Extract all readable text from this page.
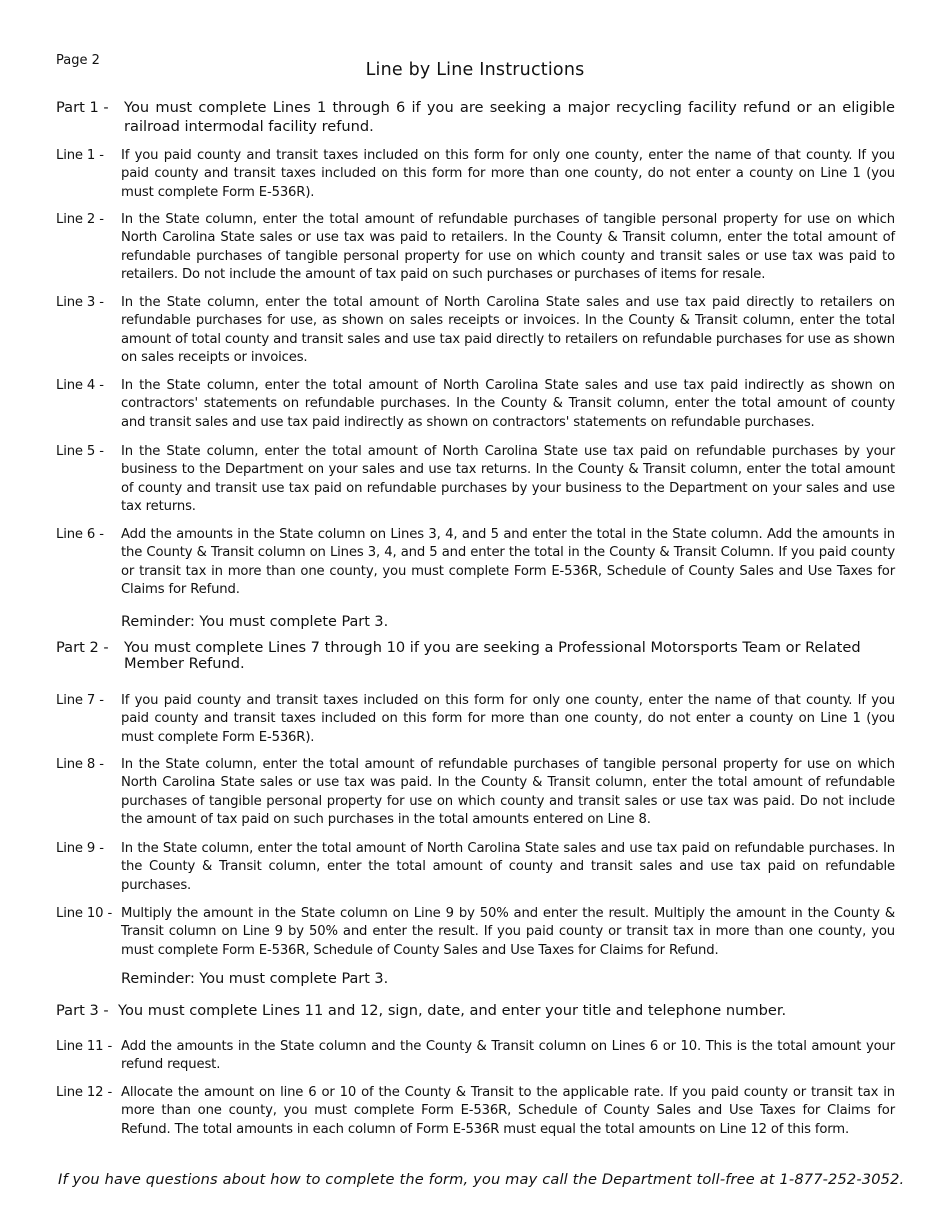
Page 2	Line by Line Instructions
Part 1 - You must complete Lines 1 through 6 if you are seeking a major recycling facility refund or an eligible railroad intermodal facility refund.
Line 1 - If you paid county and transit taxes included on this form for only one county, enter the name of that county. If you paid county and transit taxes included on this form for more than one county, do not enter a county on Line 1 (you must complete Form E-536R).
Line 2 - In the State column, enter the total amount of refundable purchases of tangible personal property for use on which North Carolina State sales or use tax was paid to retailers. In the County & Transit column, enter the total amount of refundable purchases of tangible personal property for use on which county and transit sales or use tax was paid to retailers. Do not include the amount of tax paid on such purchases or purchases of items for resale.
Line 3 - In the State column, enter the total amount of North Carolina State sales and use tax paid directly to retailers on refundable purchases for use, as shown on sales receipts or invoices. In the County & Transit column, enter the total amount of total county and transit sales and use tax paid directly to retailers on refundable purchases for use as shown on sales receipts or invoices.
Line 4 - In the State column, enter the total amount of North Carolina State sales and use tax paid indirectly as shown on contractors' statements on refundable purchases. In the County & Transit column, enter the total amount of county and transit sales and use tax paid indirectly as shown on contractors' statements on refundable purchases.
Line 5 - In the State column, enter the total amount of North Carolina State use tax paid on refundable purchases by your business to the Department on your sales and use tax returns. In the County & Transit column, enter the total amount of county and transit use tax paid on refundable purchases by your business to the Department on your sales and use tax returns.
Line 6 - Add the amounts in the State column on Lines 3, 4, and 5 and enter the total in the State column. Add the amounts in the County & Transit column on Lines 3, 4, and 5 and enter the total in the County & Transit Column. If you paid county or transit tax in more than one county, you must complete Form E-536R, Schedule of County Sales and Use Taxes for Claims for Refund.
Reminder: You must complete Part 3.
Part 2 - You must complete Lines 7 through 10 if you are seeking a Professional Motorsports Team or Related Member Refund.
Line 7 - If you paid county and transit taxes included on this form for only one county, enter the name of that county. If you paid county and transit taxes included on this form for more than one county, do not enter a county on Line 1 (you must complete Form E-536R).
Line 8 - In the State column, enter the total amount of refundable purchases of tangible personal property for use on which North Carolina State sales or use tax was paid. In the County & Transit column, enter the total amount of refundable purchases of tangible personal property for use on which county and transit sales or use tax was paid. Do not include the amount of tax paid on such purchases in the total amounts entered on Line 8.
Line 9 - In the State column, enter the total amount of North Carolina State sales and use tax paid on refundable purchases. In the County & Transit column, enter the total amount of county and transit sales and use tax paid on refundable purchases.
Line 10 - Multiply the amount in the State column on Line 9 by 50% and enter the result. Multiply the amount in the County & Transit column on Line 9 by 50% and enter the result. If you paid county or transit tax in more than one county, you must complete Form E-536R, Schedule of County Sales and Use Taxes for Claims for Refund.
Reminder: You must complete Part 3.
Part 3 - You must complete Lines 11 and 12, sign, date, and enter your title and telephone number.
Line 11 - Add the amounts in the State column and the County & Transit column on Lines 6 or 10. This is the total amount your refund request.
Line 12 - Allocate the amount on line 6 or 10 of the County & Transit to the applicable rate. If you paid county or transit tax in more than one county, you must complete Form E-536R, Schedule of County Sales and Use Taxes for Claims for Refund. The total amounts in each column of Form E-536R must equal the total amounts on Line 12 of this form.
If you have questions about how to complete the form, you may call the Department toll-free at 1-877-252-3052.
